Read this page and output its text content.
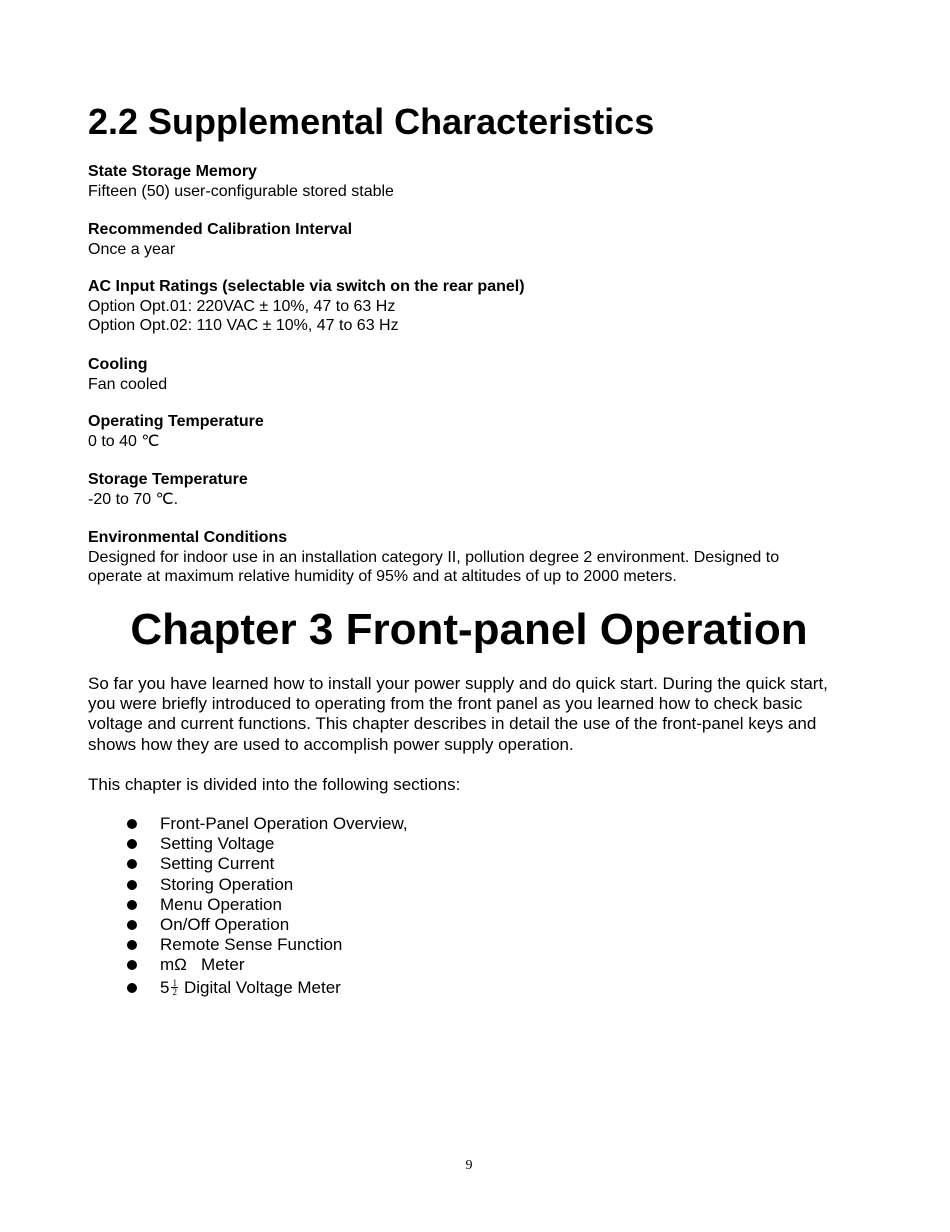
2.2 Supplemental Characteristics
State Storage Memory
Fifteen (50) user-configurable stored stable
Recommended Calibration Interval
Once a year
AC Input Ratings (selectable via switch on the rear panel)
Option Opt.01: 220VAC ± 10%, 47 to 63 Hz
Option Opt.02: 110 VAC ± 10%, 47 to 63 Hz
Cooling
Fan cooled
Operating Temperature
0 to 40 ℃
Storage Temperature
-20 to 70 ℃.
Environmental Conditions
Designed for indoor use in an installation category II, pollution degree 2 environment. Designed to
operate at maximum relative humidity of 95% and at altitudes of up to 2000 meters.
Chapter 3 Front-panel Operation
So far you have learned how to install your power supply and do quick start. During the quick start,
you were briefly introduced to operating from the front panel as you learned how to check basic
voltage and current functions. This chapter describes in detail the use of the front-panel keys and
shows how they are used to accomplish power supply operation.

This chapter is divided into the following sections:

Front-Panel Operation Overview,
Setting Voltage
Setting Current
Storing Operation
Menu Operation
On/Off Operation
Remote Sense Function
mΩ   Meter
$5 \frac{1}{2}$ Digital Voltage Meter
9
